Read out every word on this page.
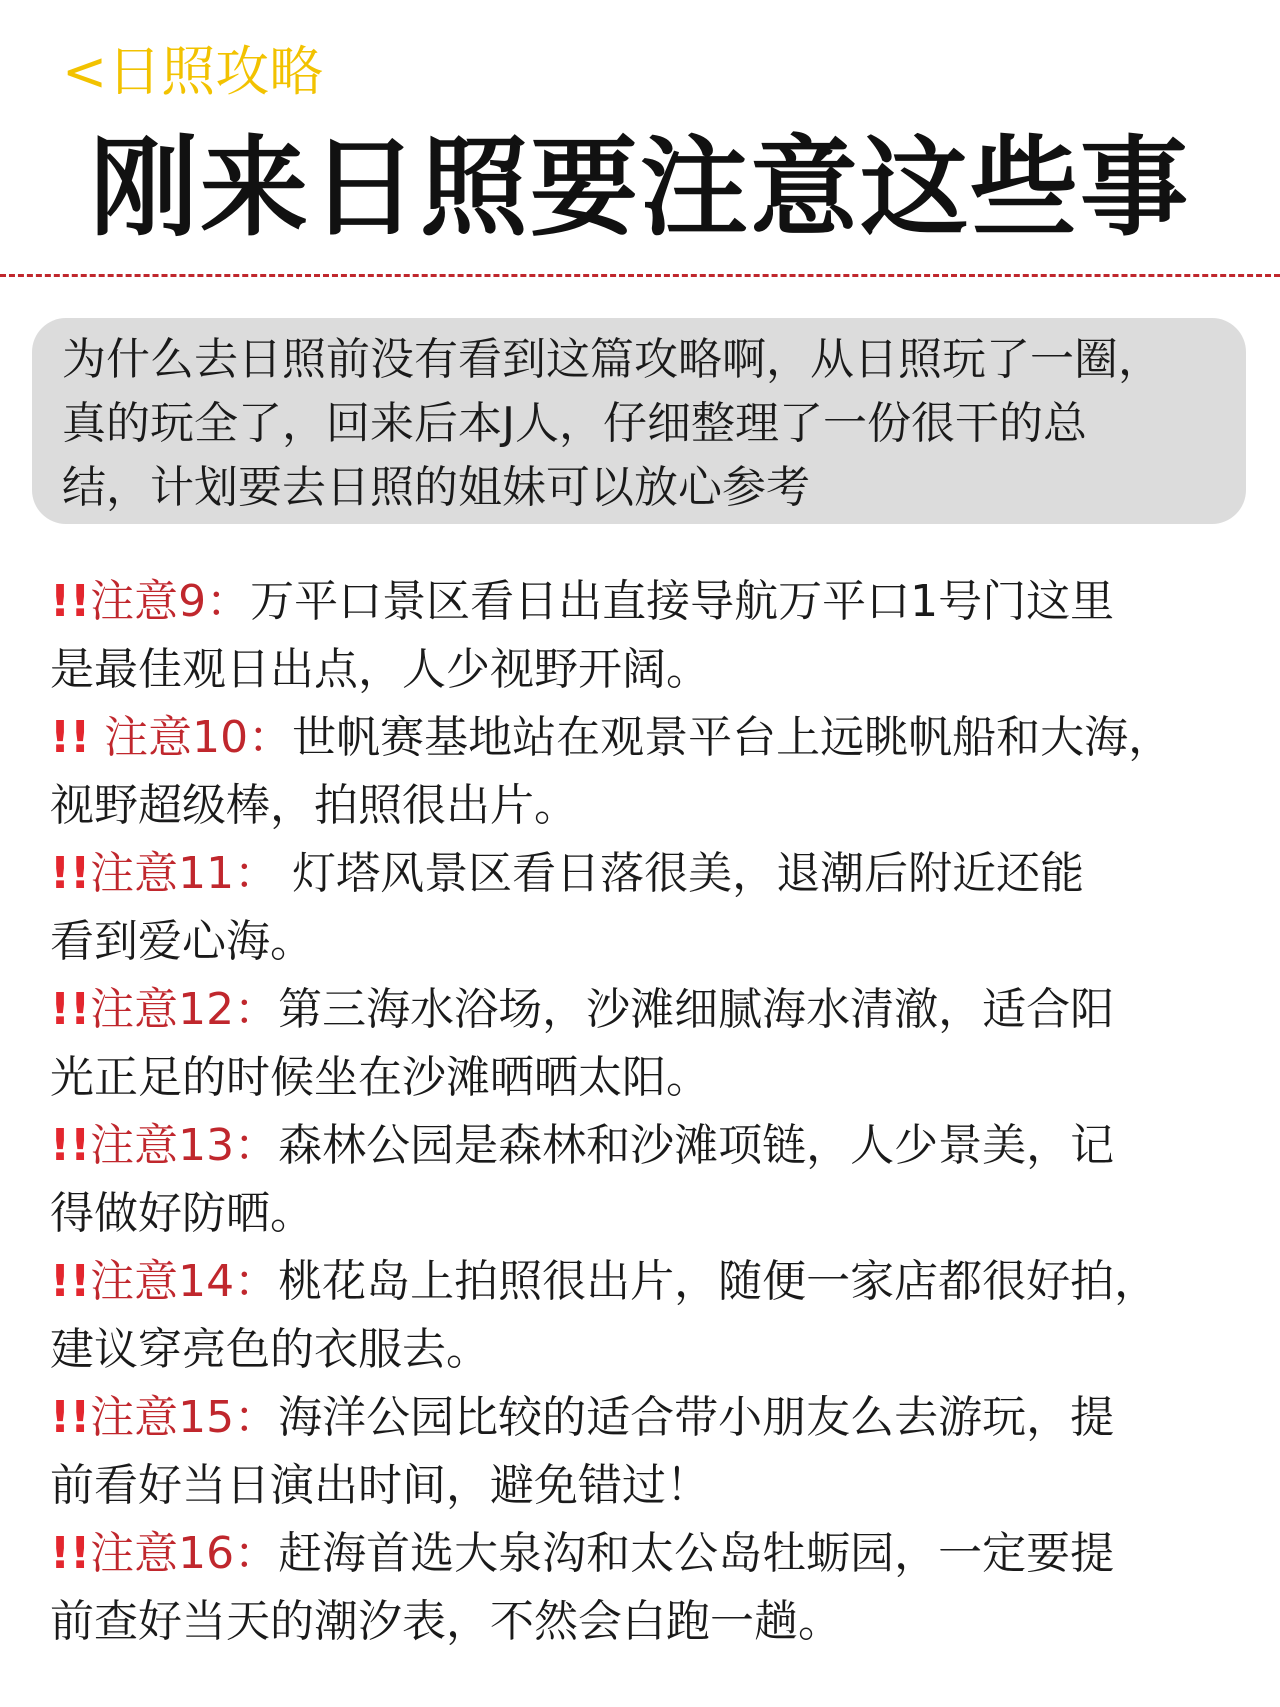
<日照攻略
刚来日照要注意这些事
为什么去日照前没有看到这篇攻略啊，从日照玩了一圈，
真的玩全了，回来后本J人，仔细整理了一份很干的总
结，计划要去日照的姐妹可以放心参考
!!注意9：万平口景区看日出直接导航万平口1号门这里
是最佳观日出点，人少视野开阔。
!! 注意10：世帆赛基地站在观景平台上远眺帆船和大海，
视野超级棒，拍照很出片。
!!注意11： 灯塔风景区看日落很美，退潮后附近还能
看到爱心海。
!!注意12：第三海水浴场，沙滩细腻海水清澈，适合阳
光正足的时候坐在沙滩晒晒太阳。
!!注意13：森林公园是森林和沙滩项链，人少景美，记
得做好防晒。
!!注意14：桃花岛上拍照很出片，随便一家店都很好拍，
建议穿亮色的衣服去。
!!注意15：海洋公园比较的适合带小朋友么去游玩，提
前看好当日演出时间，避免错过！
!!注意16：赶海首选大泉沟和太公岛牡蛎园，一定要提
前查好当天的潮汐表，不然会白跑一趟。
